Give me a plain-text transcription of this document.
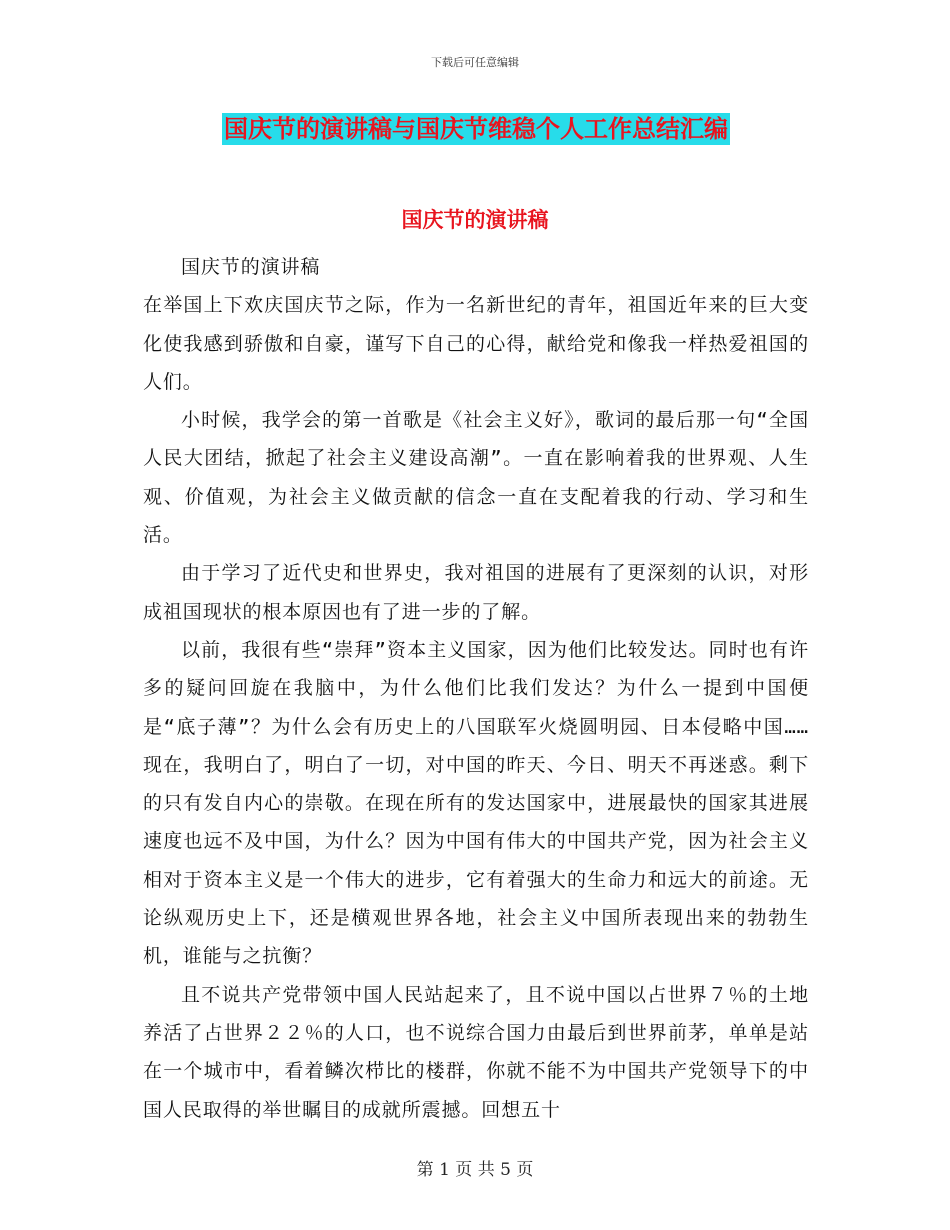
下载后可任意编辑
国庆节的演讲稿与国庆节维稳个人工作总结汇编
国庆节的演讲稿

国庆节的演讲稿

在举国上下欢庆国庆节之际，作为一名新世纪的青年，祖国近年来的巨大变化使我感到骄傲和自豪，谨写下自己的心得，献给党和像我一样热爱祖国的人们。

小时候，我学会的第一首歌是《社会主义好》，歌词的最后那一句“全国人民大团结，掀起了社会主义建设高潮”。一直在影响着我的世界观、人生观、价值观，为社会主义做贡献的信念一直在支配着我的行动、学习和生活。

由于学习了近代史和世界史，我对祖国的进展有了更深刻的认识，对形成祖国现状的根本原因也有了进一步的了解。

以前，我很有些“崇拜”资本主义国家，因为他们比较发达。同时也有许多的疑问回旋在我脑中，为什么他们比我们发达？为什么一提到中国便是“底子薄”？为什么会有历史上的八国联军火烧圆明园、日本侵略中国……现在，我明白了，明白了一切，对中国的昨天、今日、明天不再迷惑。剩下的只有发自内心的崇敬。在现在所有的发达国家中，进展最快的国家其进展速度也远不及中国，为什么？因为中国有伟大的中国共产党，因为社会主义相对于资本主义是一个伟大的进步，它有着强大的生命力和远大的前途。无论纵观历史上下，还是横观世界各地，社会主义中国所表现出来的勃勃生机，谁能与之抗衡？

且不说共产党带领中国人民站起来了，且不说中国以占世界７％的土地养活了占世界２２％的人口，也不说综合国力由最后到世界前茅，单单是站在一个城市中，看着鳞次栉比的楼群，你就不能不为中国共产党领导下的中国人民取得的举世瞩目的成就所震撼。回想五十

第 1 页 共 5 页
